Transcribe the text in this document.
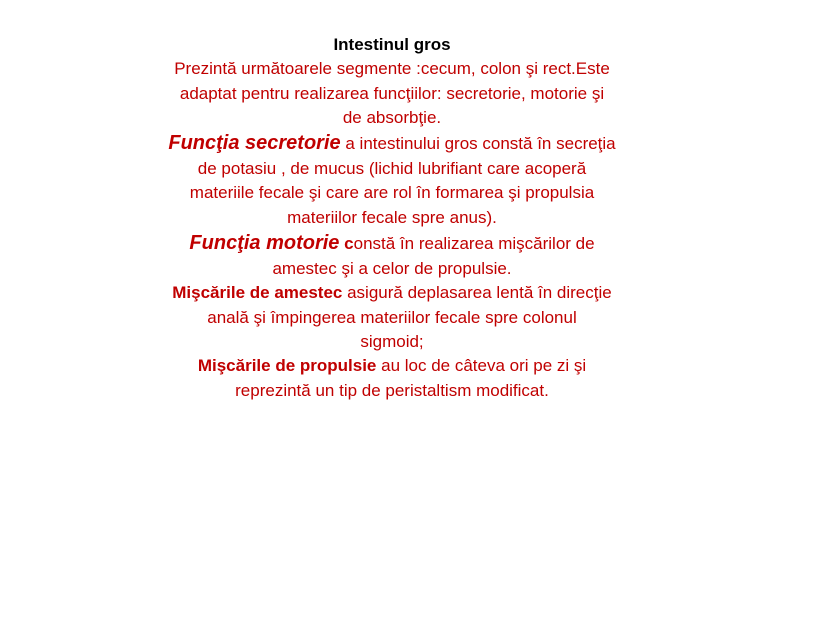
Intestinul gros
Prezintă următoarele segmente :cecum, colon şi rect.Este
adaptat pentru realizarea funcţiilor: secretorie, motorie şi
de absorbţie.
Funcţia secretorie a intestinului gros constă în secreţia
de potasiu , de mucus (lichid lubrifiant care acoperă
materiile fecale şi care are rol în formarea şi propulsia
materiilor fecale spre anus).
Funcţia motorie constă în realizarea mişcărilor de
amestec şi a celor de propulsie.
Mişcările de amestec asigură deplasarea lentă în direcţie
anală şi împingerea materiilor fecale spre colonul
sigmoid;
Mişcările de propulsie au loc de câteva ori pe zi şi
reprezintă un tip de peristaltism modificat.
